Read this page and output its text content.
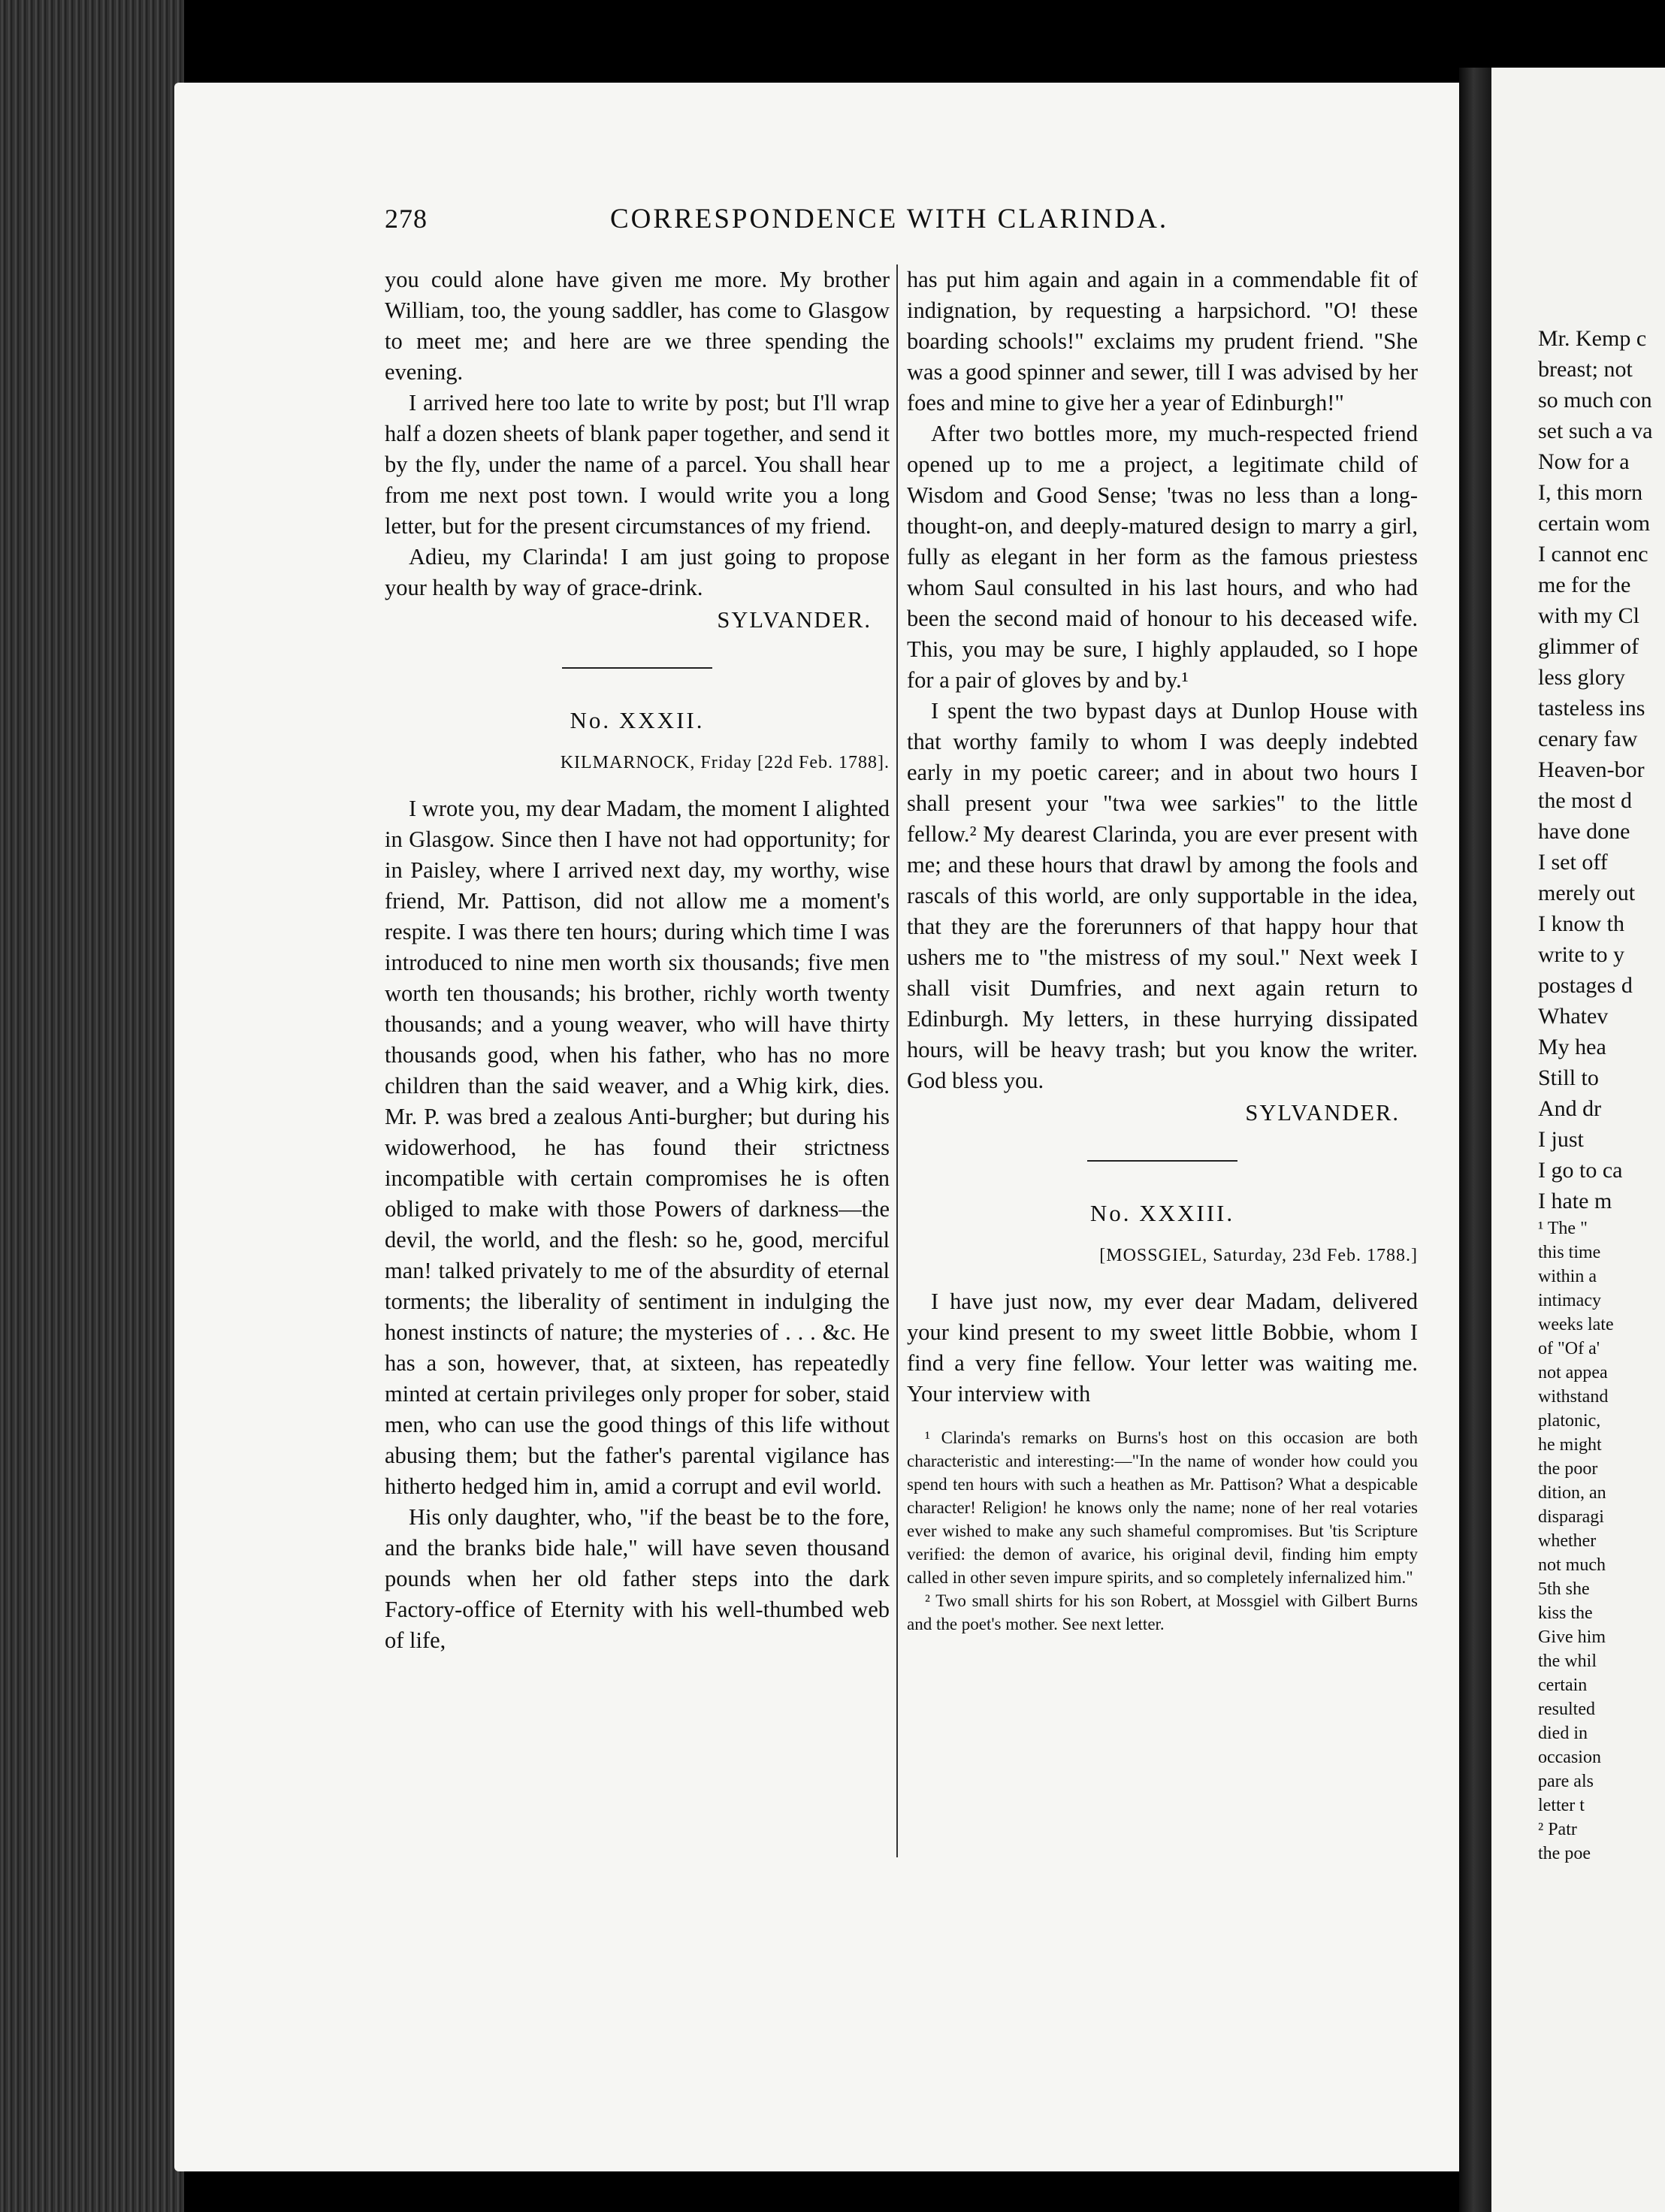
278	CORRESPONDENCE WITH CLARINDA.

you could alone have given me more. My brother William, too, the young saddler, has come to Glasgow to meet me; and here are we three spending the evening.

I arrived here too late to write by post; but I'll wrap half a dozen sheets of blank paper together, and send it by the fly, under the name of a parcel. You shall hear from me next post town. I would write you a long letter, but for the present circumstances of my friend.

Adieu, my Clarinda! I am just going to propose your health by way of grace-drink.

SYLVANDER.
No. XXXII.
KILMARNOCK, Friday [22d Feb. 1788].

I wrote you, my dear Madam, the moment I alighted in Glasgow. Since then I have not had opportunity; for in Paisley, where I arrived next day, my worthy, wise friend, Mr. Pattison, did not allow me a moment's respite. I was there ten hours; during which time I was introduced to nine men worth six thousands; five men worth ten thousands; his brother, richly worth twenty thousands; and a young weaver, who will have thirty thousands good, when his father, who has no more children than the said weaver, and a Whig kirk, dies. Mr. P. was bred a zealous Anti-burgher; but during his widowerhood, he has found their strictness incompatible with certain compromises he is often obliged to make with those Powers of darkness—the devil, the world, and the flesh: so he, good, merciful man! talked privately to me of the absurdity of eternal torments; the liberality of sentiment in indulging the honest instincts of nature; the mysteries of . . . &c. He has a son, however, that, at sixteen, has repeatedly minted at certain privileges only proper for sober, staid men, who can use the good things of this life without abusing them; but the father's parental vigilance has hitherto hedged him in, amid a corrupt and evil world.

His only daughter, who, "if the beast be to the fore, and the branks bide hale," will have seven thousand pounds when her old father steps into the dark Factory-office of Eternity with his well-thumbed web of life,

has put him again and again in a commendable fit of indignation, by requesting a harpsichord. "O! these boarding schools!" exclaims my prudent friend. "She was a good spinner and sewer, till I was advised by her foes and mine to give her a year of Edinburgh!"

After two bottles more, my much-respected friend opened up to me a project, a legitimate child of Wisdom and Good Sense; 'twas no less than a long-thought-on, and deeply-matured design to marry a girl, fully as elegant in her form as the famous priestess whom Saul consulted in his last hours, and who had been the second maid of honour to his deceased wife. This, you may be sure, I highly applauded, so I hope for a pair of gloves by and by.¹

I spent the two bypast days at Dunlop House with that worthy family to whom I was deeply indebted early in my poetic career; and in about two hours I shall present your "twa wee sarkies" to the little fellow.² My dearest Clarinda, you are ever present with me; and these hours that drawl by among the fools and rascals of this world, are only supportable in the idea, that they are the forerunners of that happy hour that ushers me to "the mistress of my soul." Next week I shall visit Dumfries, and next again return to Edinburgh. My letters, in these hurrying dissipated hours, will be heavy trash; but you know the writer. God bless you.

SYLVANDER.
No. XXXIII.
[MOSSGIEL, Saturday, 23d Feb. 1788.]

I have just now, my ever dear Madam, delivered your kind present to my sweet little Bobbie, whom I find a very fine fellow. Your letter was waiting me. Your interview with

¹ Clarinda's remarks on Burns's host on this occasion are both characteristic and interesting:—"In the name of wonder how could you spend ten hours with such a heathen as Mr. Pattison? What a despicable character! Religion! he knows only the name; none of her real votaries ever wished to make any such shameful compromises. But 'tis Scripture verified: the demon of avarice, his original devil, finding him empty called in other seven impure spirits, and so completely infernalized him."

² Two small shirts for his son Robert, at Mossgiel with Gilbert Burns and the poet's mother. See next letter.

Mr. Kemp c
breast; not
so much con
set such a va
Now for a
I, this morn
certain wom
I cannot enc
me for the
with my Cl
glimmer of
less glory
tasteless ins
cenary faw
Heaven-bor
the most d
have done
I set off
merely out
I know th
write to y
postages d
Whatev
My hea
Still to
And dr
I just
I go to ca
I hate m
¹ The "
this time
within a
intimacy
weeks late
of "Of a'
not appea
withstand
platonic,
he might
the poor
dition, an
disparagi
whether
not much
5th she
kiss the
Give him
the whil
certain
resulted
died in
occasion
pare als
letter t
² Patr
the poe
